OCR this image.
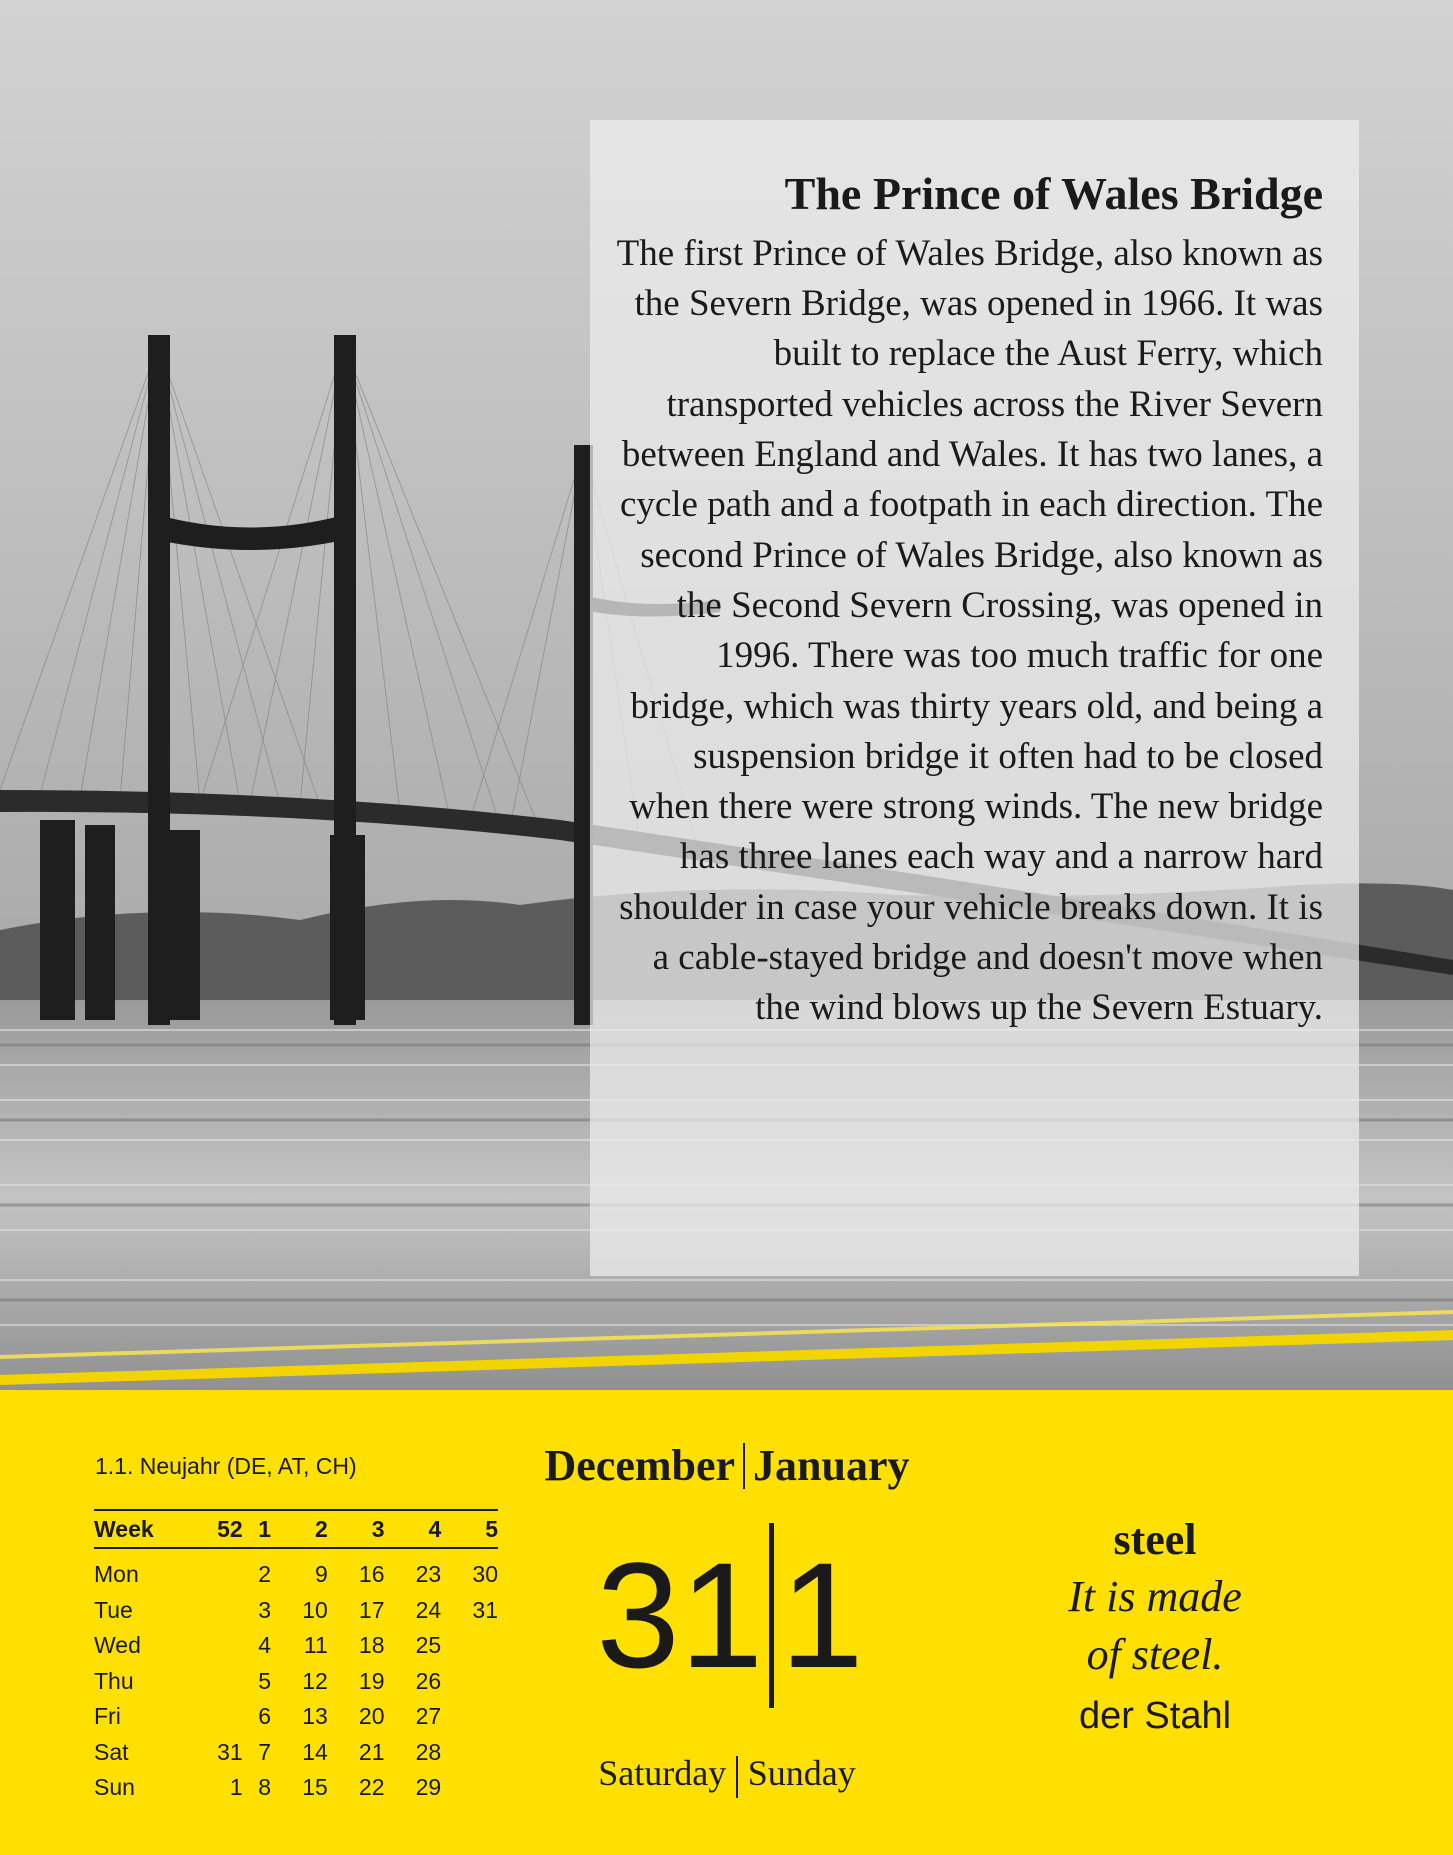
The Prince of Wales Bridge

The first Prince of Wales Bridge, also known as the Severn Bridge, was opened in 1966. It was built to replace the Aust Ferry, which transported vehicles across the River Severn between England and Wales. It has two lanes, a cycle path and a footpath in each direction. The second Prince of Wales Bridge, also known as the Second Severn Crossing, was opened in 1996. There was too much traffic for one bridge, which was thirty years old, and being a suspension bridge it often had to be closed when there were strong winds. The new bridge has three lanes each way and a narrow hard shoulder in case your vehicle breaks down. It is a cable-stayed bridge and doesn't move when the wind blows up the Severn Estuary.

1.1. Neujahr (DE, AT, CH)
Week	52	1	2	3	4	5
Mon		2	9	16	23	30
Tue		3	10	17	24	31
Wed		4	11	18	25	
Thu		5	12	19	26	
Fri		6	13	20	27	
Sat	31	7	14	21	28	
Sun	1	8	15	22	29	
December January
31 1
Saturday Sunday
steel
It is made
of steel.
der Stahl
